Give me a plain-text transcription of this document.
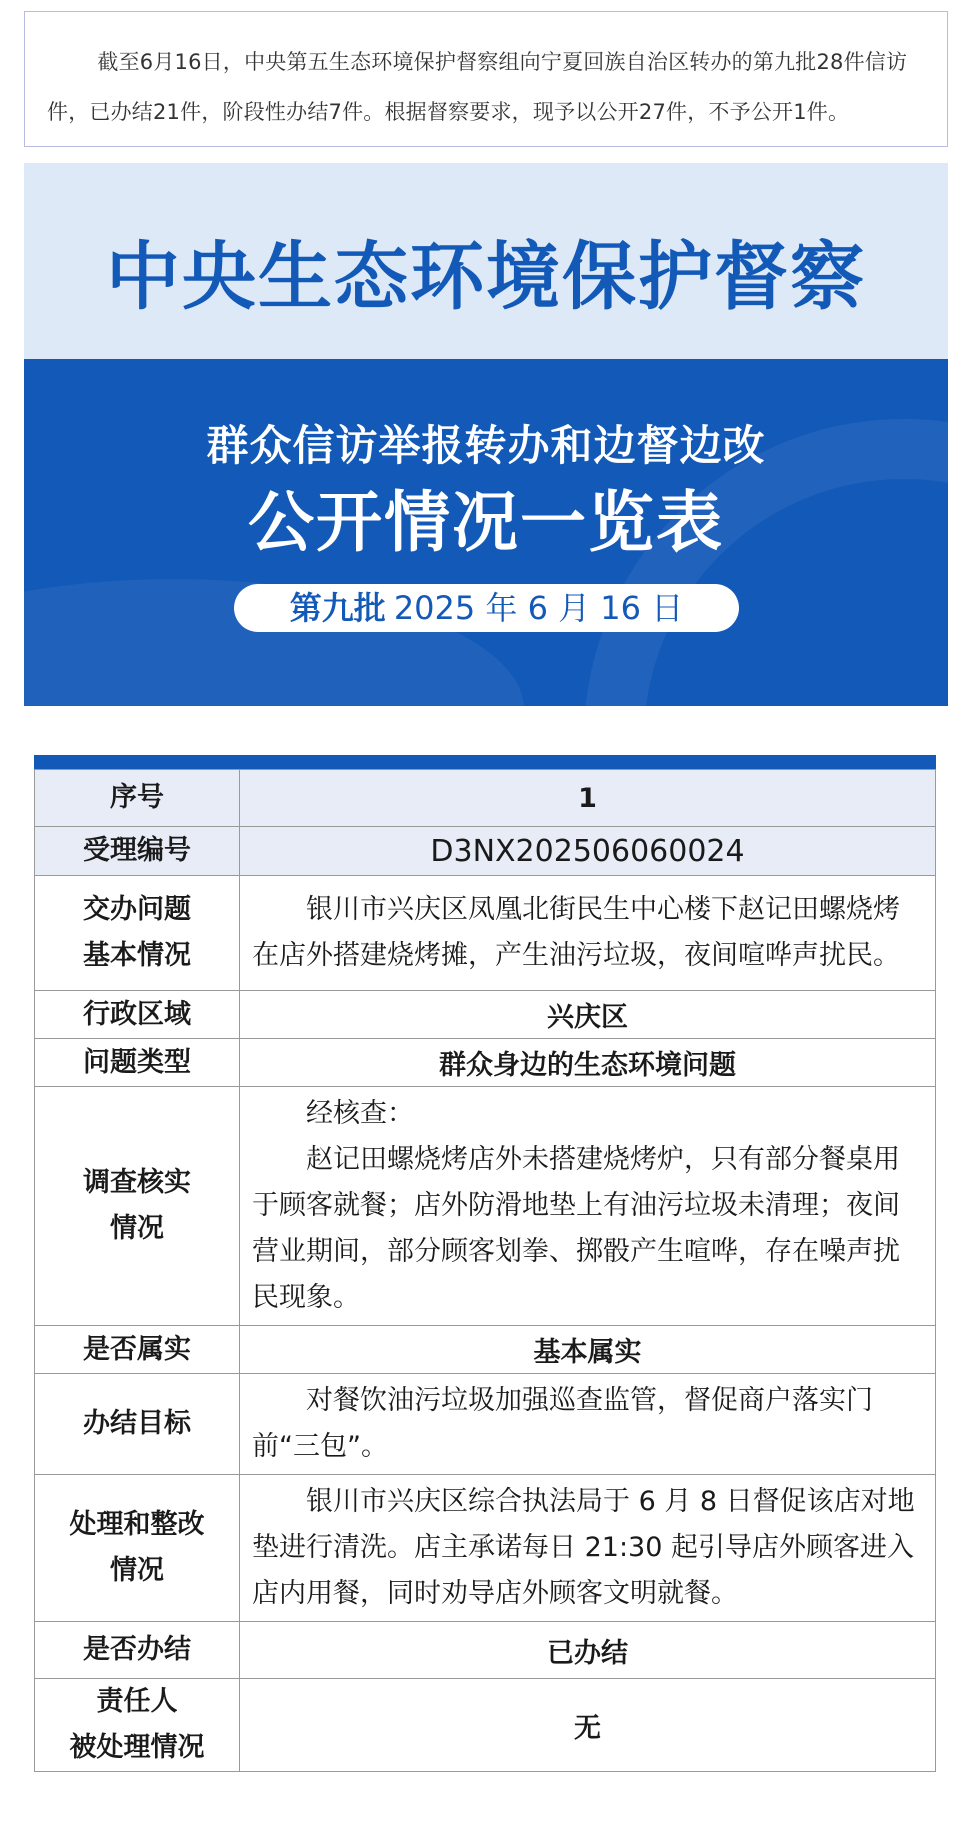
截至6月16日，中央第五生态环境保护督察组向宁夏回族自治区转办的第九批28件信访件，已办结21件，阶段性办结7件。根据督察要求，现予以公开27件，不予公开1件。

中央生态环境保护督察
群众信访举报转办和边督边改
公开情况一览表
第九批 2025 年 6 月 16 日
序号	1
受理编号	D3NX202506060024
交办问题
基本情况	银川市兴庆区凤凰北街民生中心楼下赵记田螺烧烤在店外搭建烧烤摊，产生油污垃圾，夜间喧哗声扰民。

行政区域	兴庆区
问题类型	群众身边的生态环境问题
调查核实
情况	经核查：
赵记田螺烧烤店外未搭建烧烤炉，只有部分餐桌用于顾客就餐；店外防滑地垫上有油污垃圾未清理；夜间营业期间，部分顾客划拳、掷骰产生喧哗，存在噪声扰民现象。

是否属实	基本属实
办结目标	对餐饮油污垃圾加强巡查监管，督促商户落实门前“三包”。

处理和整改
情况	银川市兴庆区综合执法局于 6 月 8 日督促该店对地垫进行清洗。店主承诺每日 21:30 起引导店外顾客进入店内用餐，同时劝导店外顾客文明就餐。

是否办结	已办结
责任人
被处理情况	无
